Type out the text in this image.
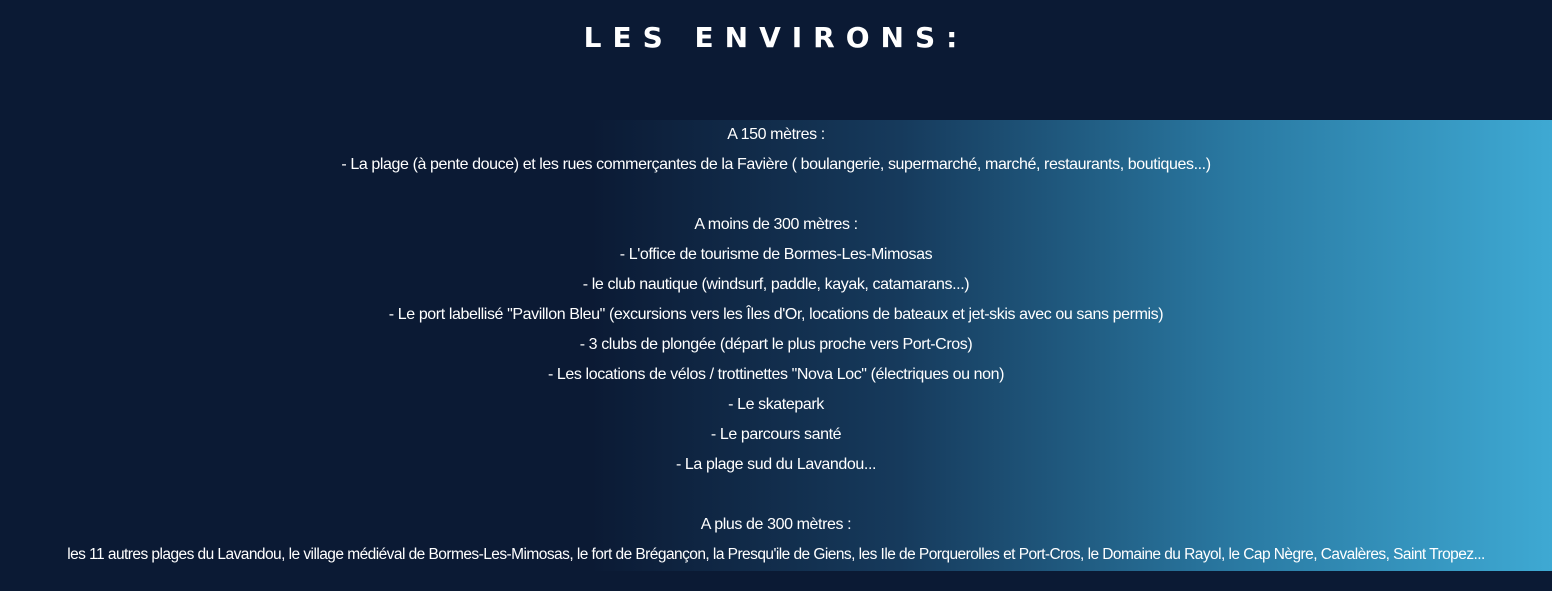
LES ENVIRONS:
A 150 mètres :
- La plage (à pente douce) et les rues commerçantes de la Favière ( boulangerie, supermarché, marché, restaurants, boutiques...)
A moins de 300 mètres :
- L'office de tourisme de Bormes-Les-Mimosas
- le club nautique (windsurf, paddle, kayak, catamarans...)
- Le port labellisé "Pavillon Bleu" (excursions vers les Îles d'Or, locations de bateaux et jet-skis avec ou sans permis)
- 3 clubs de plongée (départ le plus proche vers Port-Cros)
- Les locations de vélos / trottinettes "Nova Loc" (électriques ou non)
- Le skatepark
- Le parcours santé
- La plage sud du Lavandou...
A plus de 300 mètres :
les 11 autres plages du Lavandou, le village médiéval de Bormes-Les-Mimosas, le fort de Brégançon, la Presqu'ile de Giens, les Ile de Porquerolles et Port-Cros, le Domaine du Rayol, le Cap Nègre, Cavalères, Saint Tropez...
